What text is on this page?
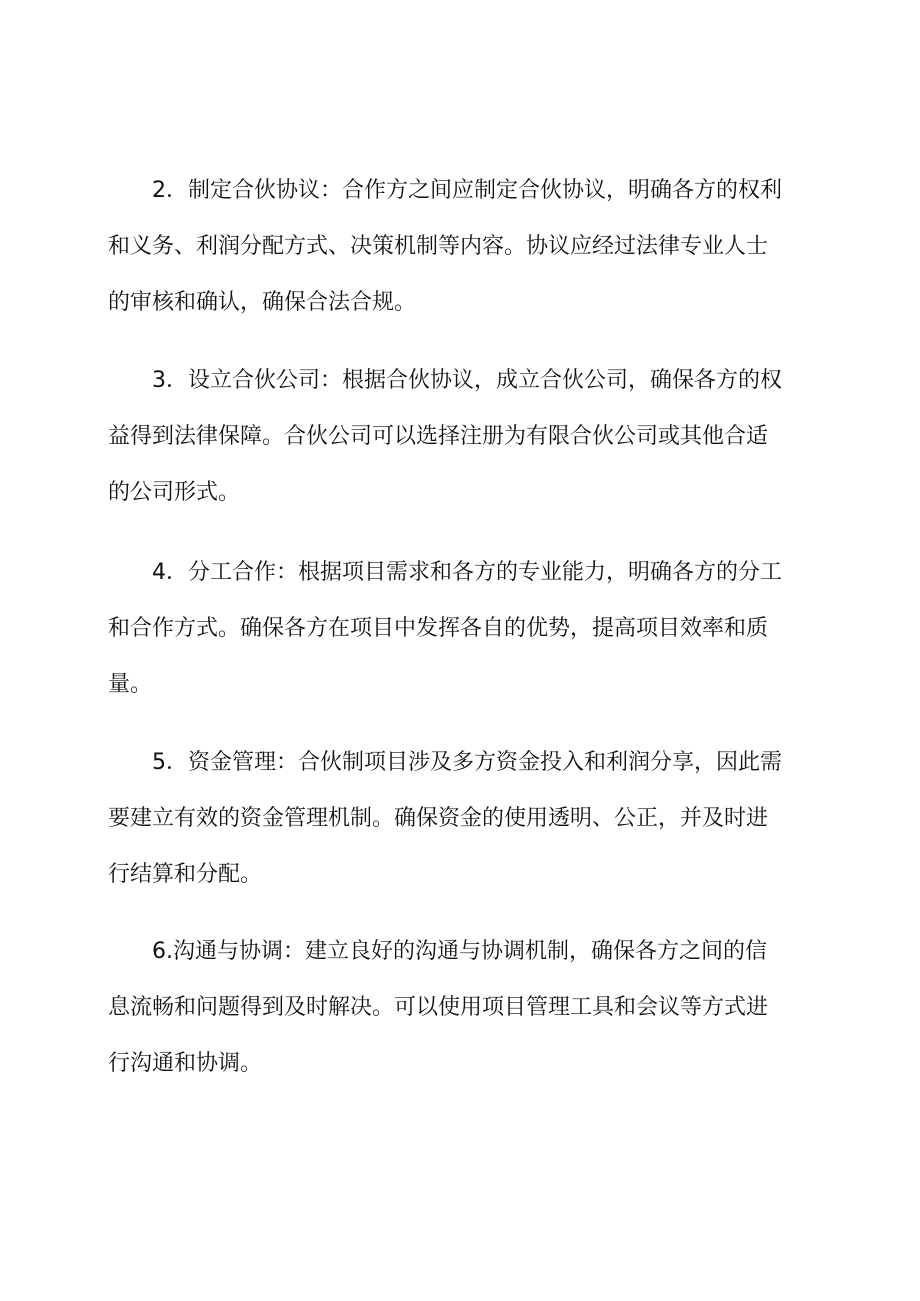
2．制定合伙协议：合作方之间应制定合伙协议，明确各方的权利
和义务、利润分配方式、决策机制等内容。协议应经过法律专业人士
的审核和确认，确保合法合规。

3．设立合伙公司：根据合伙协议，成立合伙公司，确保各方的权
益得到法律保障。合伙公司可以选择注册为有限合伙公司或其他合适
的公司形式。

4．分工合作：根据项目需求和各方的专业能力，明确各方的分工
和合作方式。确保各方在项目中发挥各自的优势，提高项目效率和质
量。

5．资金管理：合伙制项目涉及多方资金投入和利润分享，因此需
要建立有效的资金管理机制。确保资金的使用透明、公正，并及时进
行结算和分配。

6.沟通与协调：建立良好的沟通与协调机制，确保各方之间的信
息流畅和问题得到及时解决。可以使用项目管理工具和会议等方式进
行沟通和协调。
